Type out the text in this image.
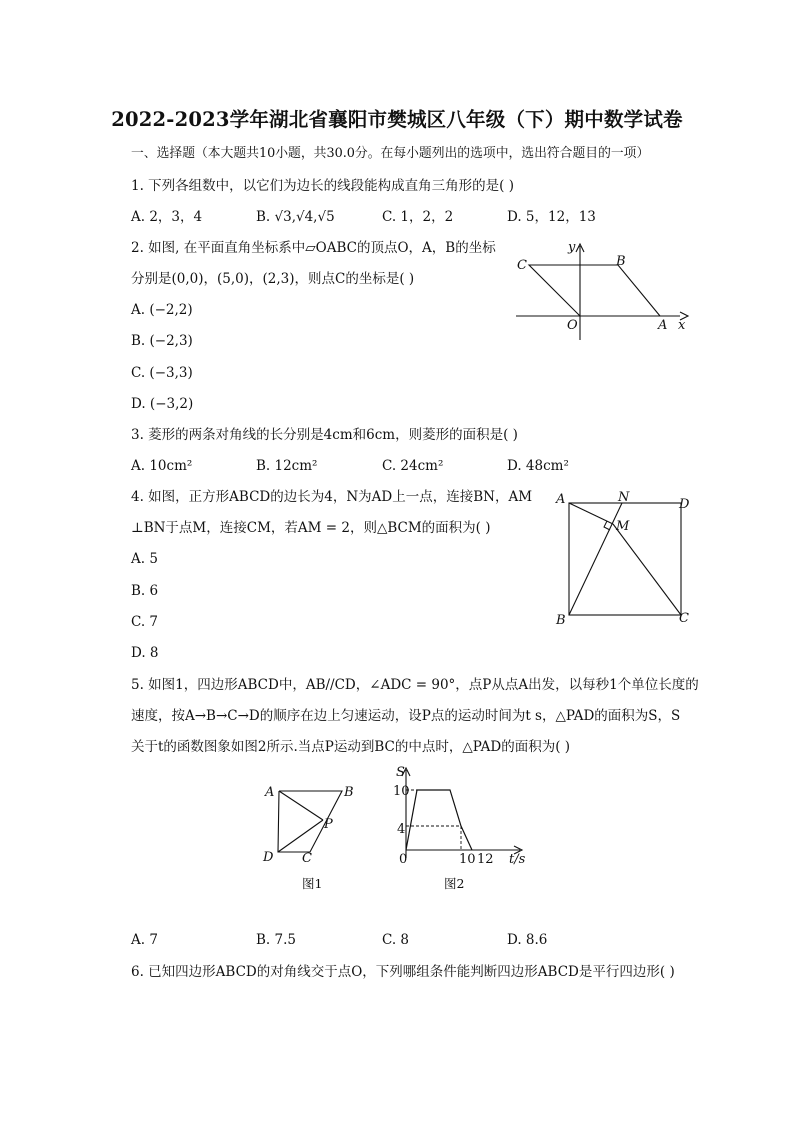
2022-2023学年湖北省襄阳市樊城区八年级（下）期中数学试卷
一、选择题（本大题共10小题，共30.0分。在每小题列出的选项中，选出符合题目的一项）
1. 下列各组数中，以它们为边长的线段能构成直角三角形的是( )
A. 2，3，4	B. √3,√4,√5	C. 1，2，2	D. 5，12，13
2. 如图, 在平面直角坐标系中▱OABC的顶点O，A，B的坐标
分别是(0,0)，(5,0)，(2,3)，则点C的坐标是( )
A. (−2,2)
B. (−2,3)
C. (−3,3)
D. (−3,2)
y
C	B
O	A x
3. 菱形的两条对角线的长分别是4cm和6cm，则菱形的面积是( )
A. 10cm²	B. 12cm²	C. 24cm²	D. 48cm²
4. 如图，正方形ABCD的边长为4，N为AD上一点，连接BN，AM
⊥BN于点M，连接CM，若AM = 2，则△BCM的面积为( )
A. 5
B. 6
C. 7
D. 8
A	N	D
M
B	C
5. 如图1，四边形ABCD中，AB//CD，∠ADC = 90°，点P从点A出发，以每秒1个单位长度的
速度，按A→B→C→D的顺序在边上匀速运动，设P点的运动时间为t s，△PAD的面积为S，S
关于t的函数图象如图2所示.当点P运动到BC的中点时，△PAD的面积为( )
A	B
P
D C
图1
S
10
4
0	10 12 t/s
图2
A. 7	B. 7.5	C. 8	D. 8.6
6. 已知四边形ABCD的对角线交于点O，下列哪组条件能判断四边形ABCD是平行四边形( )
